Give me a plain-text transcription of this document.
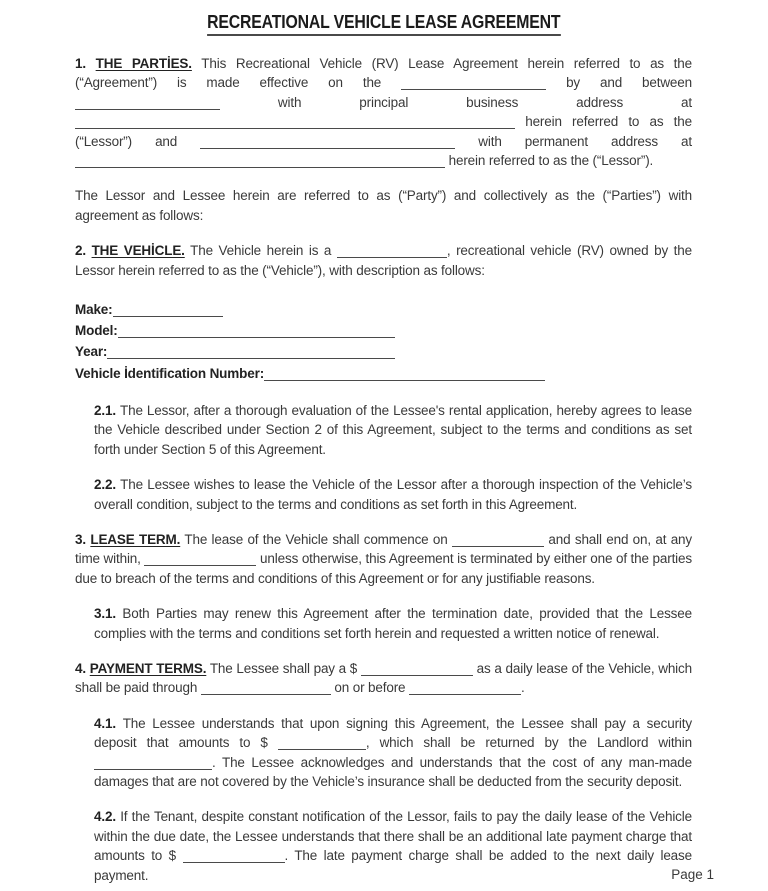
RECREATIONAL VEHICLE LEASE AGREEMENT

1. THE PARTİES. This Recreational Vehicle (RV) Lease Agreement herein referred to as the (“Agreement”) is made effective on the	by and between  with principal business address at  herein referred to as the (“Lessor”) and	with permanent address at  herein referred to as the (“Lessor”).

The Lessor and Lessee herein are referred to as (“Party”) and collectively as the (“Parties”) with agreement as follows:

2. THE VEHİCLE. The Vehicle herein is a	, recreational vehicle (RV) owned by the Lessor herein referred to as the (“Vehicle”), with description as follows:

Make:

Model:

Year:

Vehicle İdentification Number:

2.1. The Lessor, after a thorough evaluation of the Lessee's rental application, hereby agrees to lease the Vehicle described under Section 2 of this Agreement, subject to the terms and conditions as set forth under Section 5 of this Agreement.

2.2. The Lessee wishes to lease the Vehicle of the Lessor after a thorough inspection of the Vehicle’s overall condition, subject to the terms and conditions as set forth in this Agreement.

3. LEASE TERM. The lease of the Vehicle shall commence on	and shall end on, at any time within,	unless otherwise, this Agreement is terminated by either one of the parties due to breach of the terms and conditions of this Agreement or for any justifiable reasons.

3.1. Both Parties may renew this Agreement after the termination date, provided that the Lessee complies with the terms and conditions set forth herein and requested a written notice of renewal.

4. PAYMENT TERMS. The Lessee shall pay a $	as a daily lease of the Vehicle, which shall be paid through	on or before	.

4.1. The Lessee understands that upon signing this Agreement, the Lessee shall pay a security deposit that amounts to $	, which shall be returned by the Landlord within . The Lessee acknowledges and understands that the cost of any man-made damages that are not covered by the Vehicle’s insurance shall be deducted from the security deposit.

4.2. If the Tenant, despite constant notification of the Lessor, fails to pay the daily lease of the Vehicle within the due date, the Lessee understands that there shall be an additional late payment charge that amounts to $	. The late payment charge shall be added to the next daily lease payment.	Page 1
